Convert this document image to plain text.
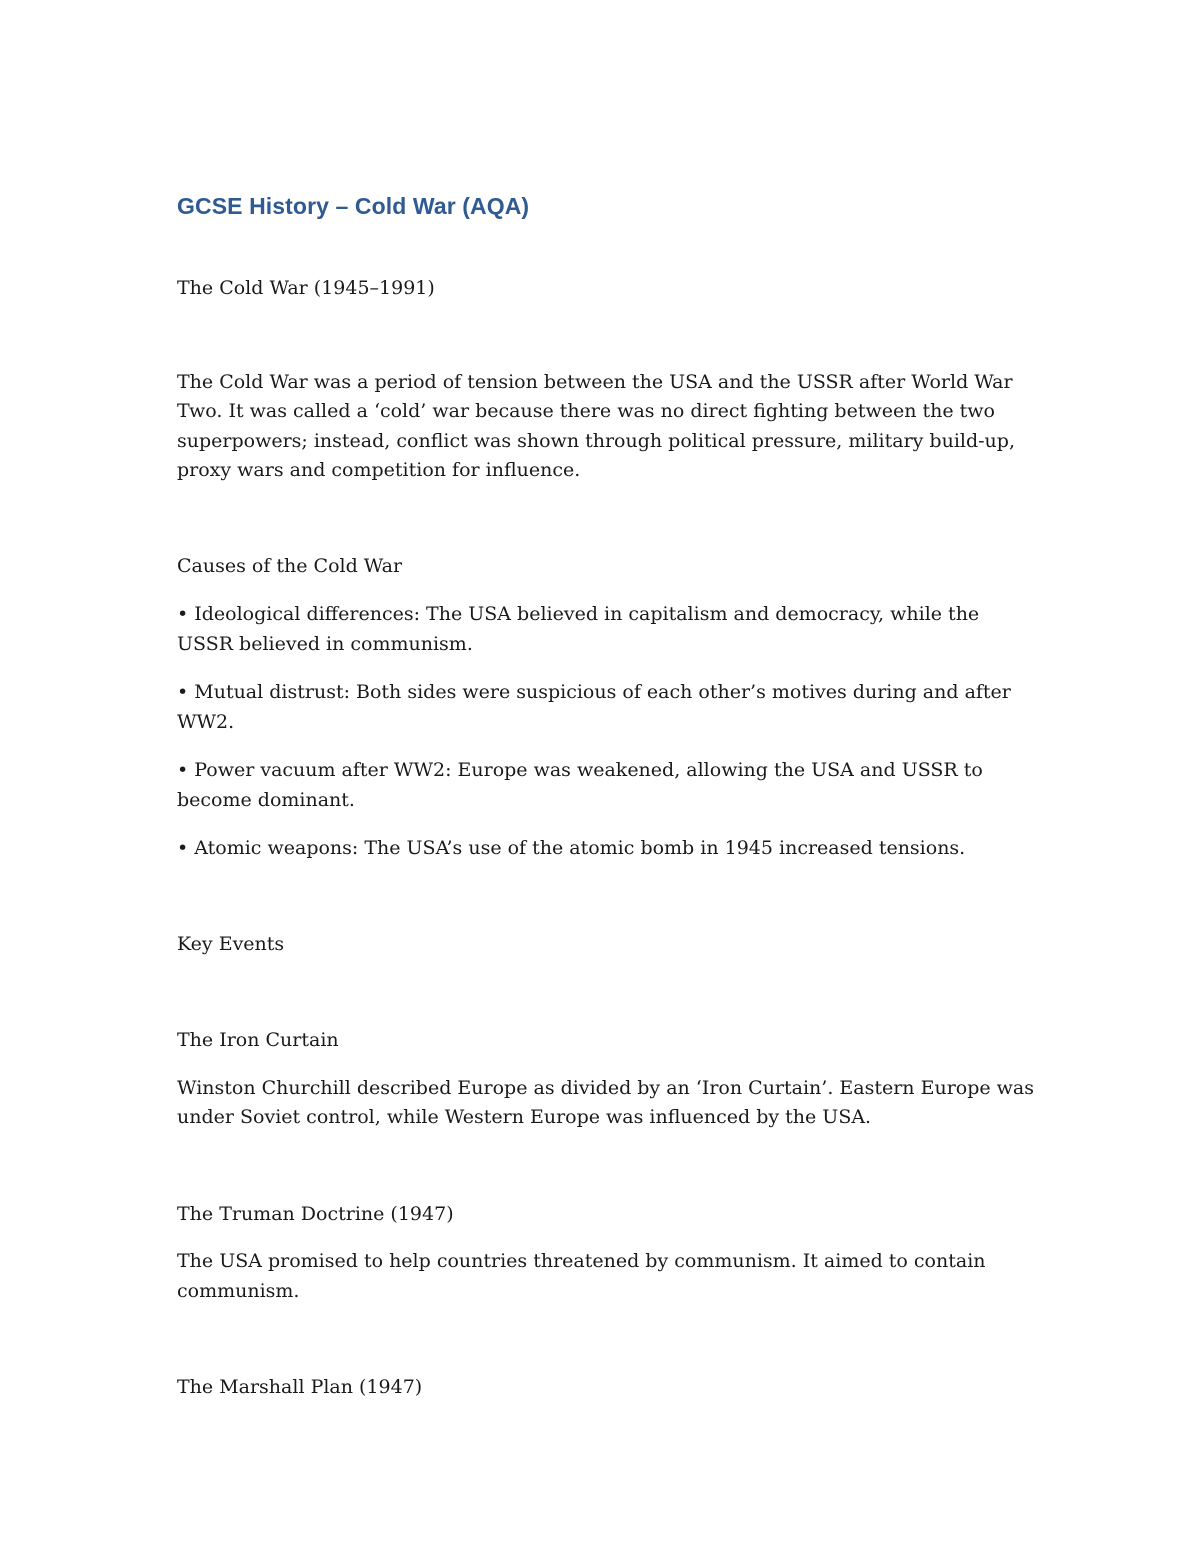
GCSE History – Cold War (AQA)

The Cold War (1945–1991)

The Cold War was a period of tension between the USA and the USSR after World War Two. It was called a ‘cold’ war because there was no direct fighting between the two superpowers; instead, conflict was shown through political pressure, military build-up, proxy wars and competition for influence.

Causes of the Cold War

• Ideological differences: The USA believed in capitalism and democracy, while the USSR believed in communism.

• Mutual distrust: Both sides were suspicious of each other’s motives during and after WW2.

• Power vacuum after WW2: Europe was weakened, allowing the USA and USSR to become dominant.

• Atomic weapons: The USA’s use of the atomic bomb in 1945 increased tensions.

Key Events

The Iron Curtain

Winston Churchill described Europe as divided by an ‘Iron Curtain’. Eastern Europe was under Soviet control, while Western Europe was influenced by the USA.

The Truman Doctrine (1947)

The USA promised to help countries threatened by communism. It aimed to contain communism.

The Marshall Plan (1947)
